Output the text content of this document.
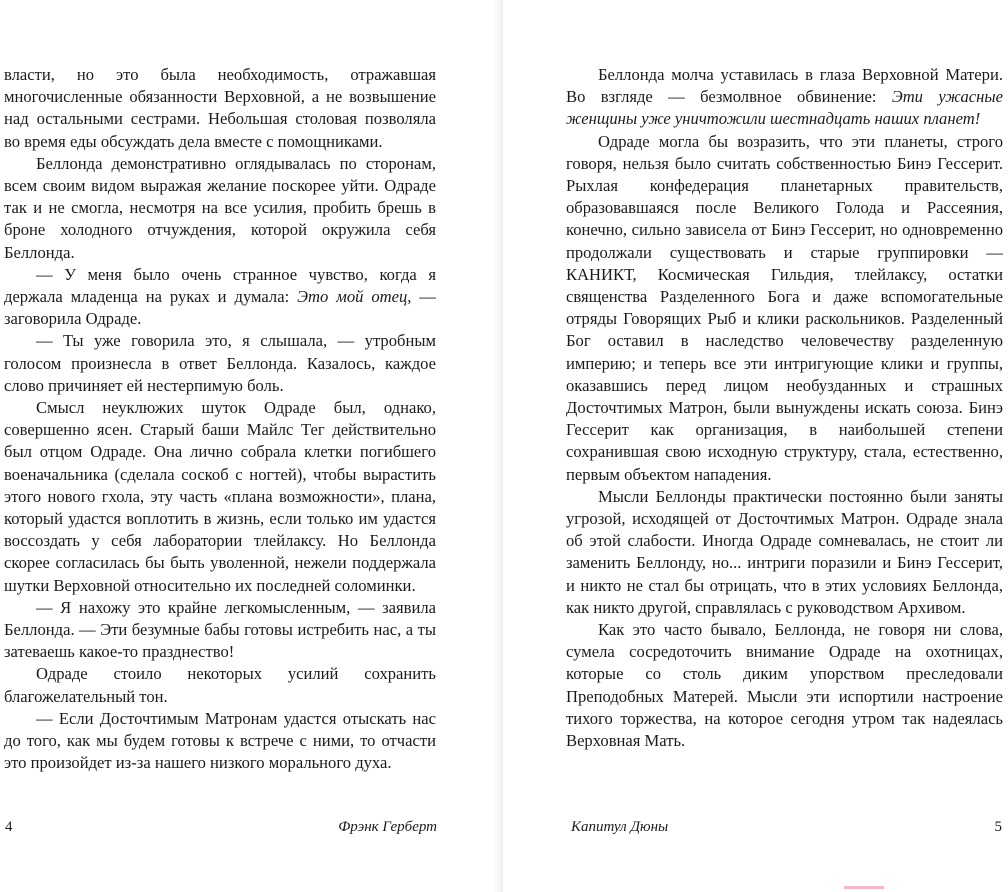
власти, но это была необходимость, отражавшая многочисленные обязанности Верховной, а не возвышение над остальными сестрами. Небольшая столовая позволяла во время еды обсуждать дела вместе с помощниками.

Беллонда демонстративно оглядывалась по сторонам, всем своим видом выражая желание поскорее уйти. Одраде так и не смогла, несмотря на все усилия, пробить брешь в броне холодного отчуждения, которой окружила себя Беллонда.

— У меня было очень странное чувство, когда я держала младенца на руках и думала: Это мой отец, — заговорила Одраде.

— Ты уже говорила это, я слышала, — утробным голосом произнесла в ответ Беллонда. Казалось, каждое слово причиняет ей нестерпимую боль.

Смысл неуклюжих шуток Одраде был, однако, совершенно ясен. Старый баши Майлс Тег действительно был отцом Одраде. Она лично собрала клетки погибшего военачальника (сделала соскоб с ногтей), чтобы вырастить этого нового гхола, эту часть «плана возможности», плана, который удастся воплотить в жизнь, если только им удастся воссоздать у себя лаборатории тлейлаксу. Но Беллонда скорее согласилась бы быть уволенной, нежели поддержала шутки Верховной относительно их последней соломинки.

— Я нахожу это крайне легкомысленным, — заявила Беллонда. — Эти безумные бабы готовы истребить нас, а ты затеваешь какое-то празднество!

Одраде стоило некоторых усилий сохранить благожелательный тон.

— Если Досточтимым Матронам удастся отыскать нас до того, как мы будем готовы к встрече с ними, то отчасти это произойдет из-за нашего низкого морального духа.

4	Фрэнк Герберт

Беллонда молча уставилась в глаза Верховной Матери. Во взгляде — безмолвное обвинение: Эти ужасные женщины уже уничтожили шестнадцать наших планет!

Одраде могла бы возразить, что эти планеты, строго говоря, нельзя было считать собственностью Бинэ Гессерит. Рыхлая конфедерация планетарных правительств, образовавшаяся после Великого Голода и Рассеяния, конечно, сильно зависела от Бинэ Гессерит, но одновременно продолжали существовать и старые группировки — КАНИКТ, Космическая Гильдия, тлейлаксу, остатки священства Разделенного Бога и даже вспомогательные отряды Говорящих Рыб и клики раскольников. Разделенный Бог оставил в наследство человечеству разделенную империю; и теперь все эти интригующие клики и группы, оказавшись перед лицом необузданных и страшных Досточтимых Матрон, были вынуждены искать союза. Бинэ Гессерит как организация, в наибольшей степени сохранившая свою исходную структуру, стала, естественно, первым объектом нападения.

Мысли Беллонды практически постоянно были заняты угрозой, исходящей от Досточтимых Матрон. Одраде знала об этой слабости. Иногда Одраде сомневалась, не стоит ли заменить Беллонду, но... интриги поразили и Бинэ Гессерит, и никто не стал бы отрицать, что в этих условиях Беллонда, как никто другой, справлялась с руководством Архивом.

Как это часто бывало, Беллонда, не говоря ни слова, сумела сосредоточить внимание Одраде на охотницах, которые со столь диким упорством преследовали Преподобных Матерей. Мысли эти испортили настроение тихого торжества, на которое сегодня утром так надеялась Верховная Мать.

Капитул Дюны	5
